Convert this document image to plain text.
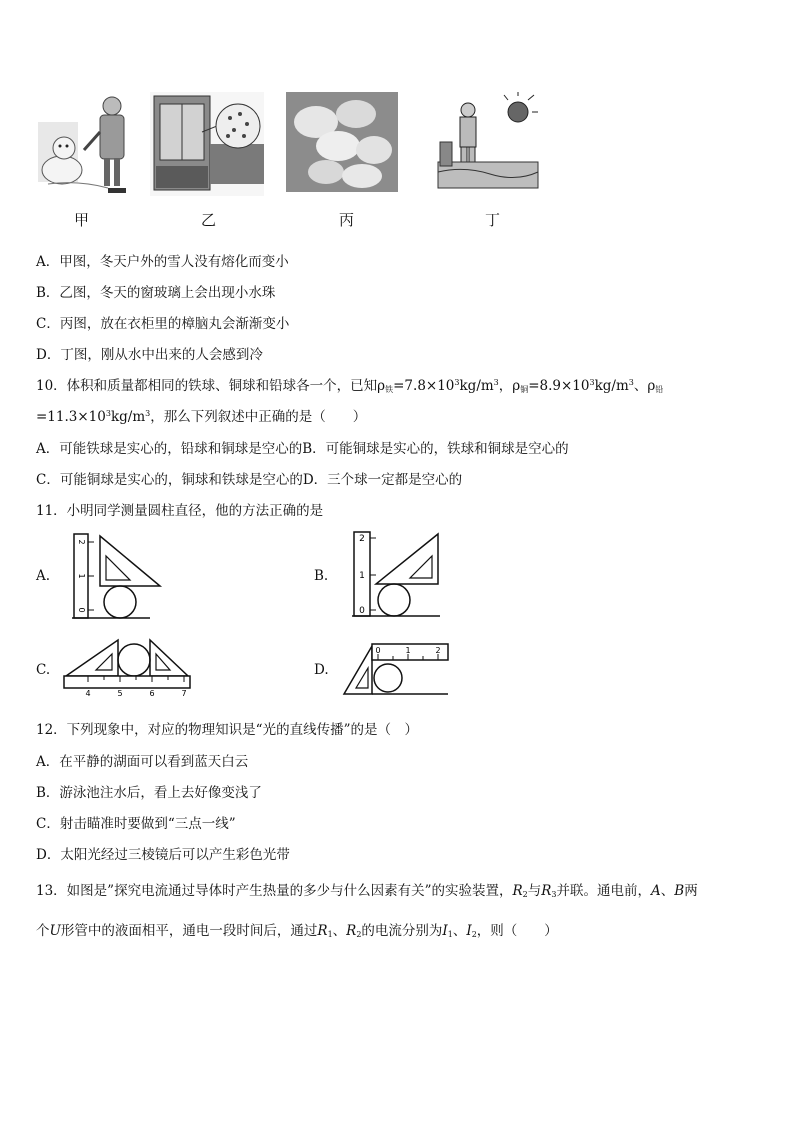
甲	乙	丙	丁
A．甲图，冬天户外的雪人没有熔化而变小
B．乙图，冬天的窗玻璃上会出现小水珠
C．丙图，放在衣柜里的樟脑丸会渐渐变小
D．丁图，刚从水中出来的人会感到冷
10．体积和质量都相同的铁球、铜球和铅球各一个，已知$\rho_铁=7.8\times 10^3kg/m^3$，$\rho_铜=8.9\times 10^3kg/m^3$、$\rho_铅$
$=11.3\times 10^3kg/m^3$，那么下列叙述中正确的是（　　）
A．可能铁球是实心的，铅球和铜球是空心的B．可能铜球是实心的，铁球和铜球是空心的
C．可能铜球是实心的，铜球和铁球是空心的D．三个球一定都是空心的
11．小明同学测量圆柱直径，他的方法正确的是
A.
2
1
0
B.
2
1
0
C.
4	5	6	7
D.
0	1	2
12．下列现象中，对应的物理知识是“光的直线传播”的是（　）
A．在平静的湖面可以看到蓝天白云
B．游泳池注水后，看上去好像变浅了
C．射击瞄准时要做到“三点一线”
D．太阳光经过三棱镜后可以产生彩色光带
13．如图是”探究电流通过导体时产生热量的多少与什么因素有关”的实验装置，$R_2$与$R_3$并联。通电前，A、B两
个U形管中的液面相平，通电一段时间后，通过$R_1$、$R_2$的电流分别为$I_1$、$I_2$，则（　　）
